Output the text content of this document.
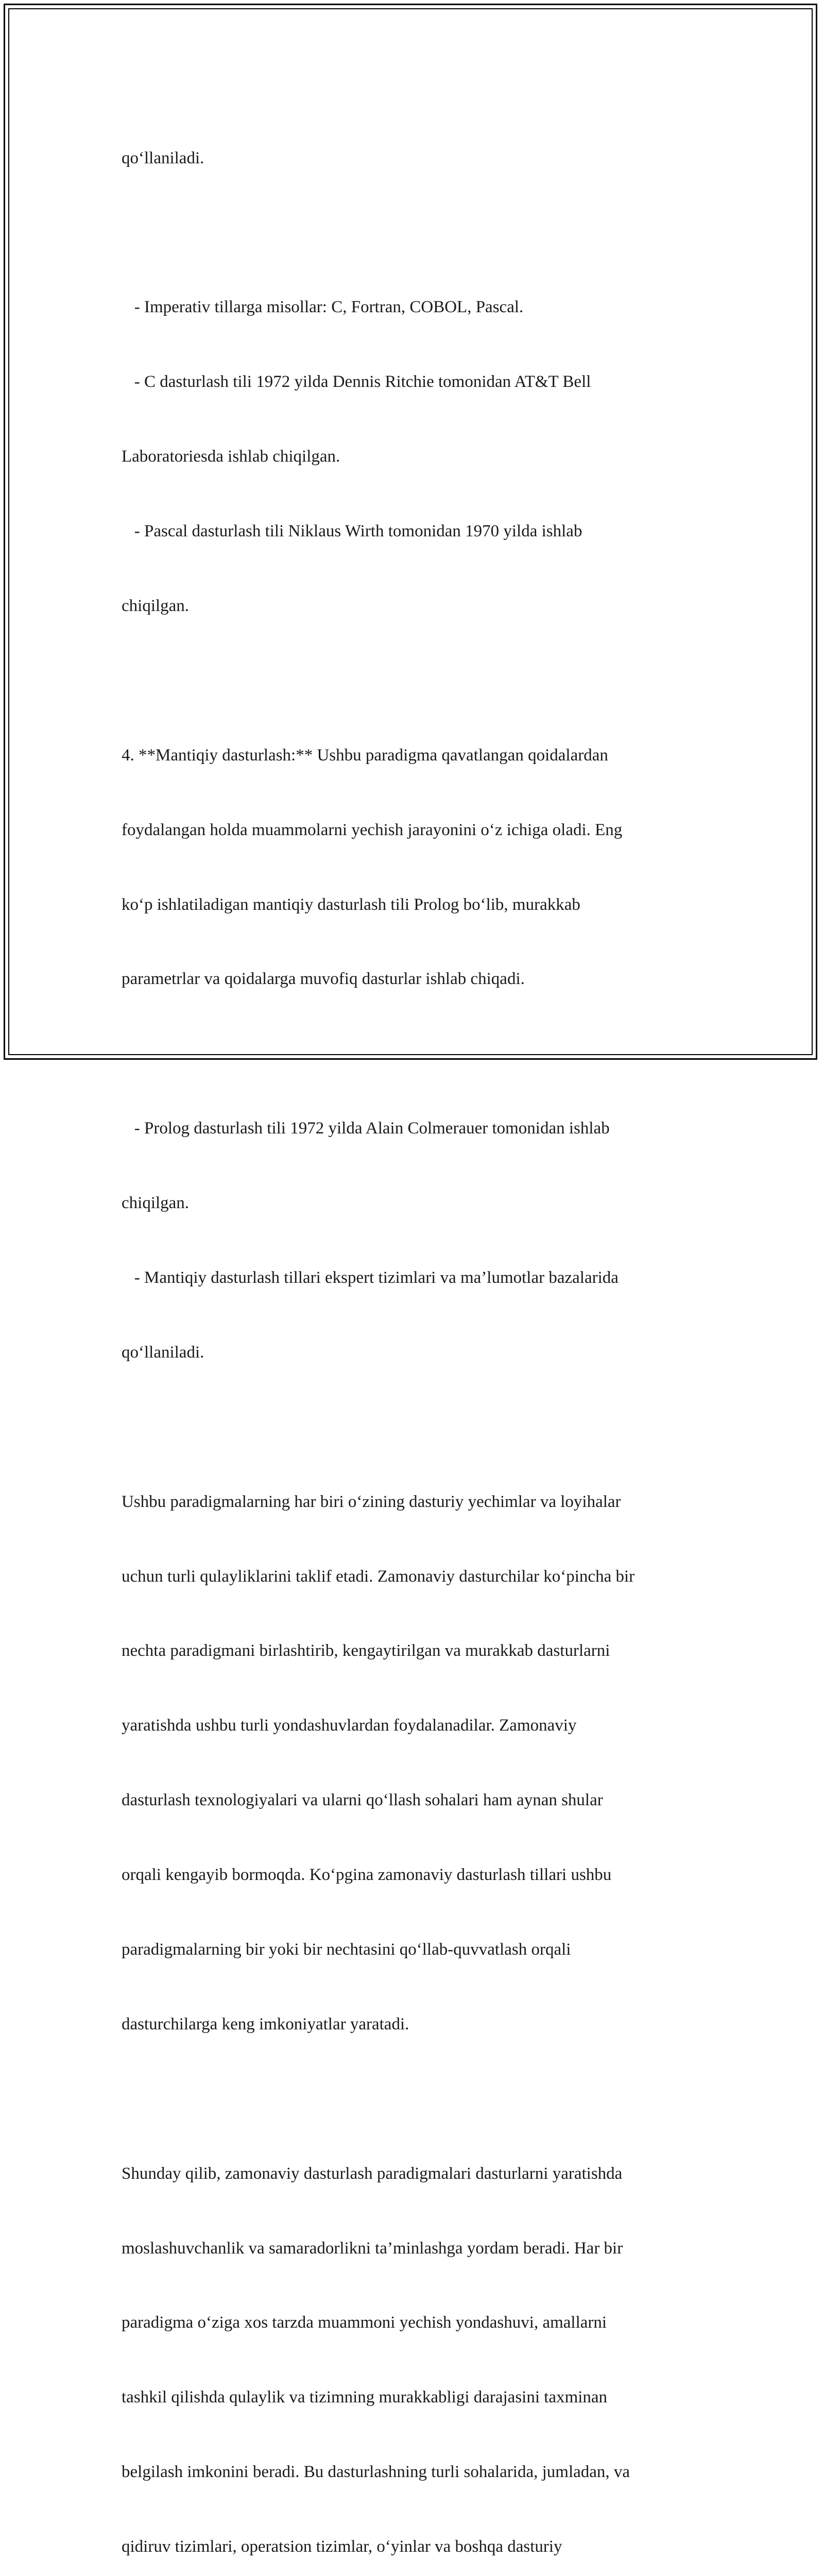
qo‘llaniladi.

- Imperativ tillarga misollar: C, Fortran, COBOL, Pascal.

- C dasturlash tili 1972 yilda Dennis Ritchie tomonidan AT&T Bell

Laboratoriesda ishlab chiqilgan.

- Pascal dasturlash tili Niklaus Wirth tomonidan 1970 yilda ishlab

chiqilgan.

4. **Mantiqiy dasturlash:** Ushbu paradigma qavatlangan qoidalardan

foydalangan holda muammolarni yechish jarayonini o‘z ichiga oladi. Eng

ko‘p ishlatiladigan mantiqiy dasturlash tili Prolog bo‘lib, murakkab

parametrlar va qoidalarga muvofiq dasturlar ishlab chiqadi.

- Prolog dasturlash tili 1972 yilda Alain Colmerauer tomonidan ishlab

chiqilgan.

- Mantiqiy dasturlash tillari ekspert tizimlari va ma’lumotlar bazalarida

qo‘llaniladi.

Ushbu paradigmalarning har biri o‘zining dasturiy yechimlar va loyihalar

uchun turli qulayliklarini taklif etadi. Zamonaviy dasturchilar ko‘pincha bir

nechta paradigmani birlashtirib, kengaytirilgan va murakkab dasturlarni

yaratishda ushbu turli yondashuvlardan foydalanadilar. Zamonaviy

dasturlash texnologiyalari va ularni qo‘llash sohalari ham aynan shular

orqali kengayib bormoqda. Ko‘pgina zamonaviy dasturlash tillari ushbu

paradigmalarning bir yoki bir nechtasini qo‘llab-quvvatlash orqali

dasturchilarga keng imkoniyatlar yaratadi.

Shunday qilib, zamonaviy dasturlash paradigmalari dasturlarni yaratishda

moslashuvchanlik va samaradorlikni ta’minlashga yordam beradi. Har bir

paradigma o‘ziga xos tarzda muammoni yechish yondashuvi, amallarni

tashkil qilishda qulaylik va tizimning murakkabligi darajasini taxminan

belgilash imkonini beradi. Bu dasturlashning turli sohalarida, jumladan, va

qidiruv tizimlari, operatsion tizimlar, o‘yinlar va boshqa dasturiy
